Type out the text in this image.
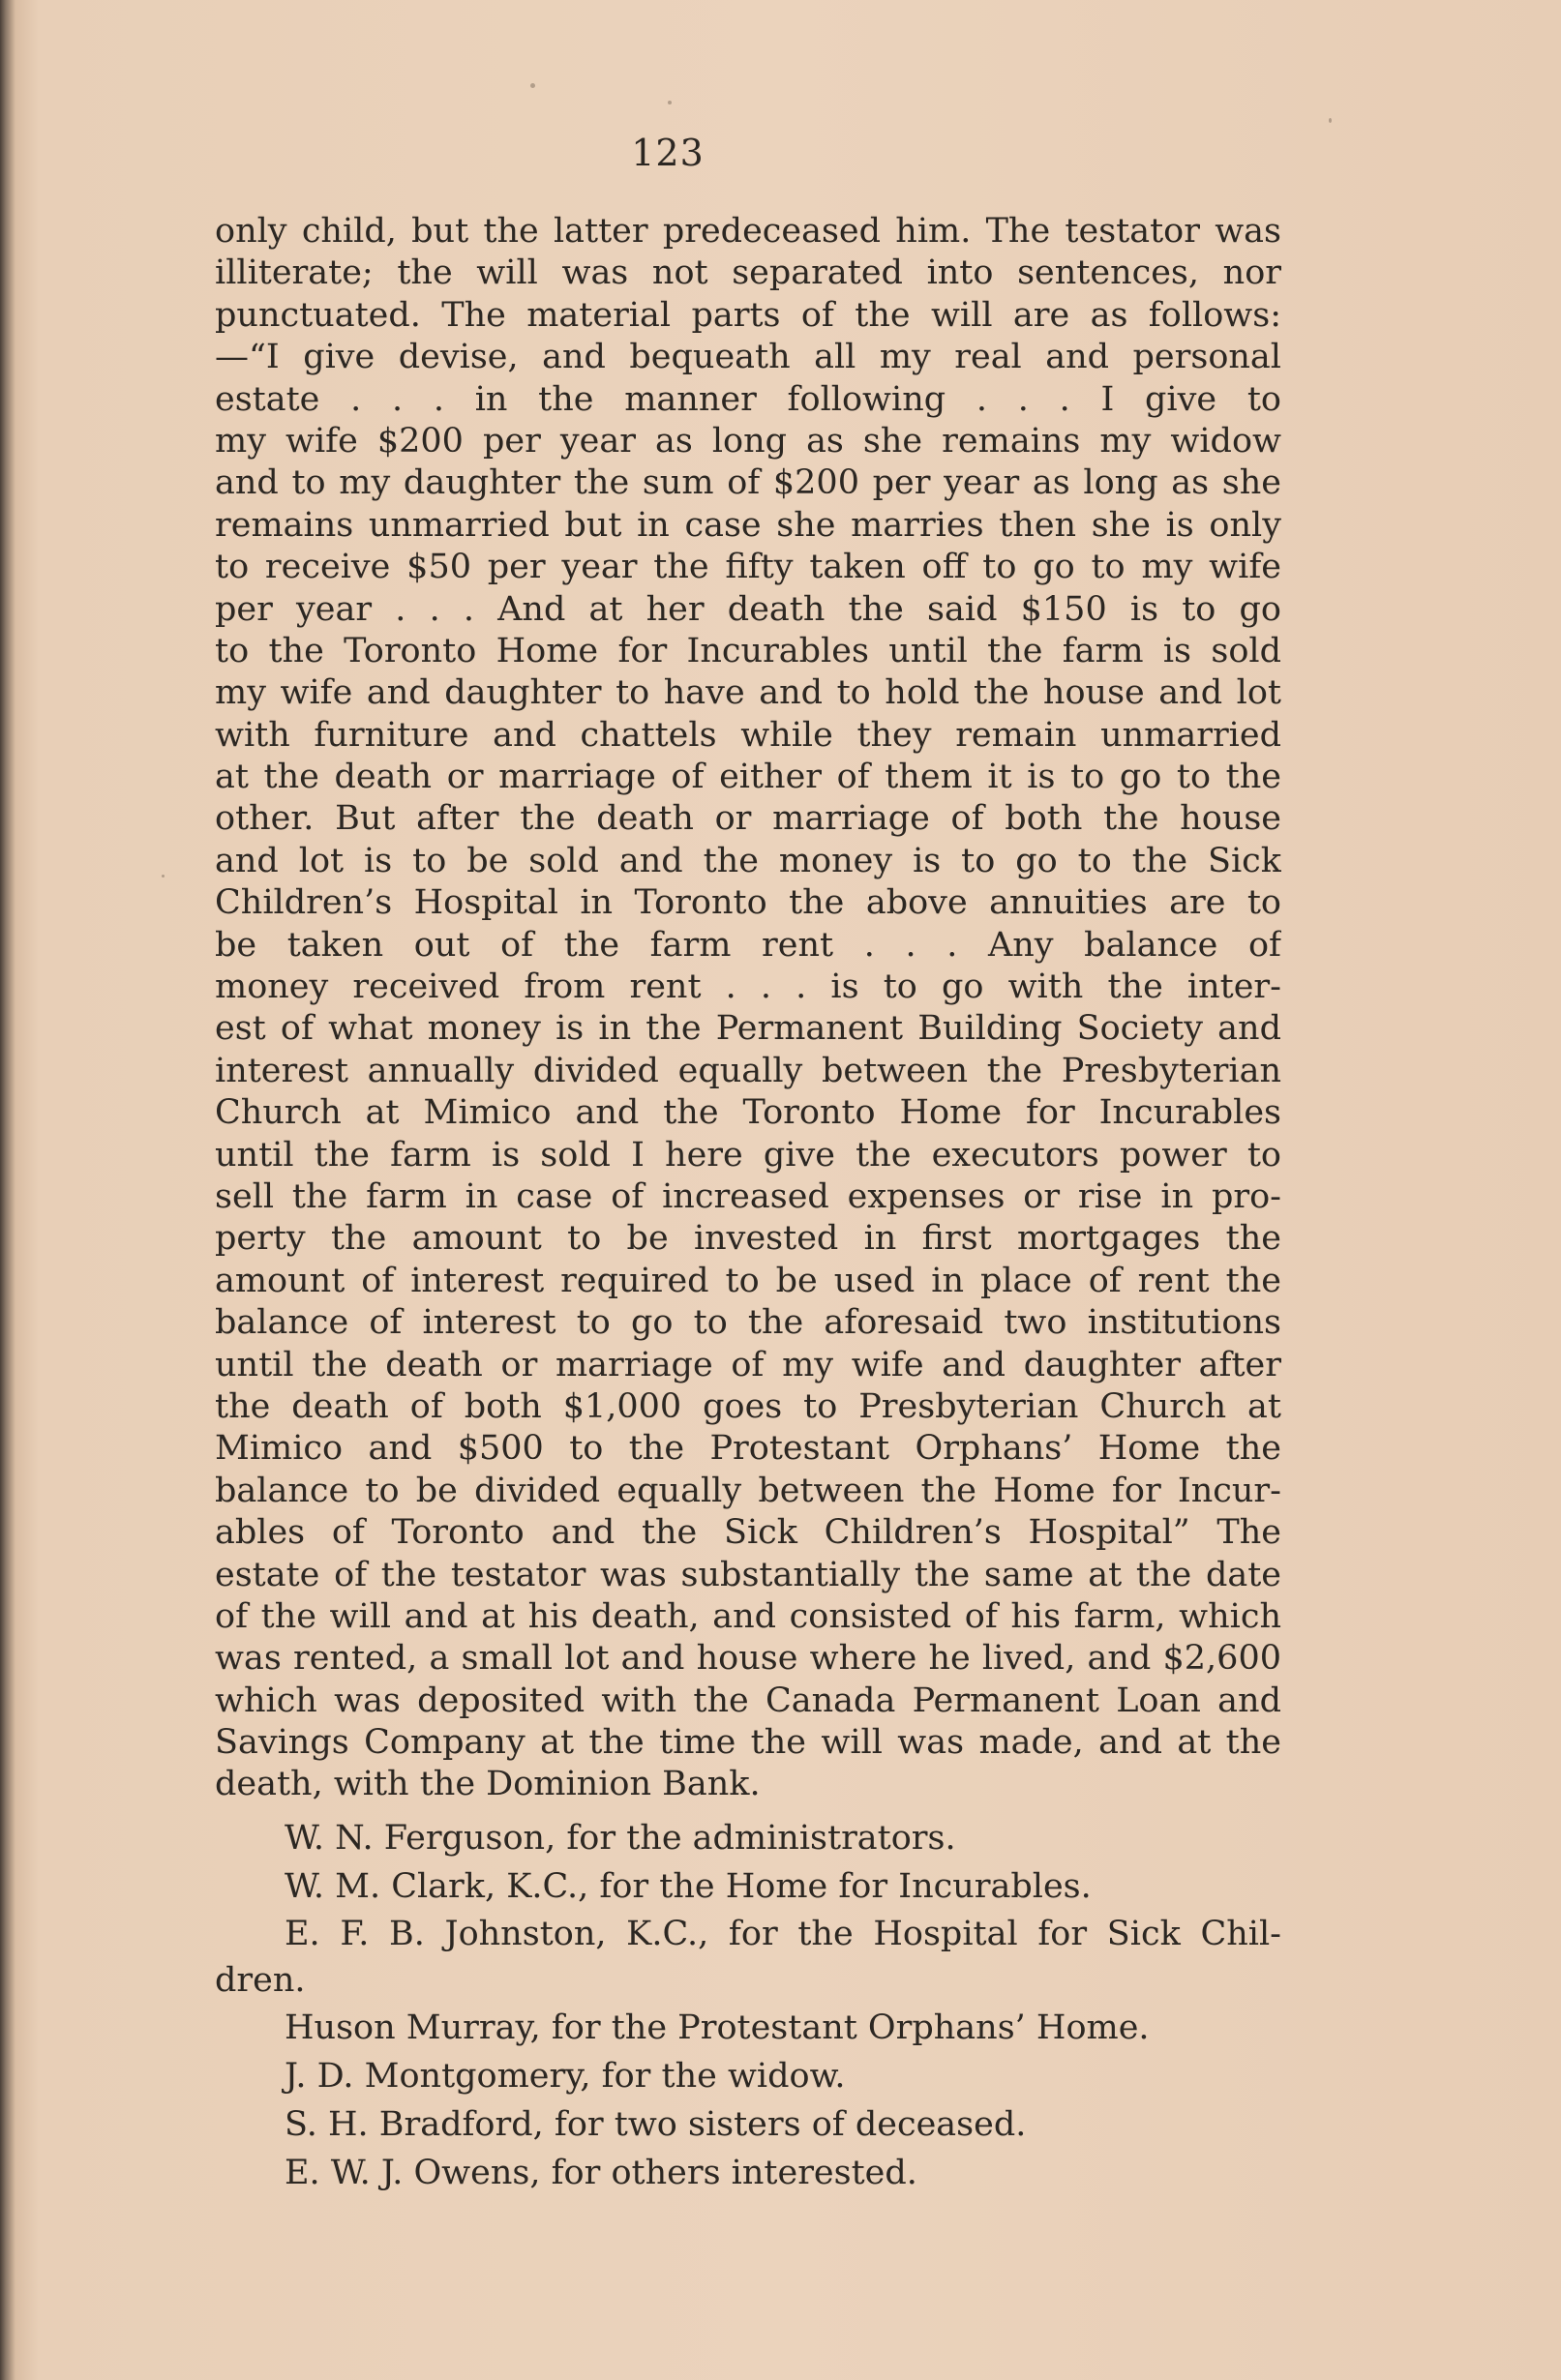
123
only child, but the latter predeceased him. The testator was
illiterate; the will was not separated into sentences, nor
punctuated. The material parts of the will are as follows:
—“I give devise, and bequeath all my real and personal
estate . . . in the manner following . . . I give to
my wife $200 per year as long as she remains my widow
and to my daughter the sum of $200 per year as long as she
remains unmarried but in case she marries then she is only
to receive $50 per year the fifty taken off to go to my wife
per year . . . And at her death the said $150 is to go
to the Toronto Home for Incurables until the farm is sold
my wife and daughter to have and to hold the house and lot
with furniture and chattels while they remain unmarried
at the death or marriage of either of them it is to go to the
other. But after the death or marriage of both the house
and lot is to be sold and the money is to go to the Sick
Children’s Hospital in Toronto the above annuities are to
be taken out of the farm rent . . . Any balance of
money received from rent . . . is to go with the inter-
est of what money is in the Permanent Building Society and
interest annually divided equally between the Presbyterian
Church at Mimico and the Toronto Home for Incurables
until the farm is sold I here give the executors power to
sell the farm in case of increased expenses or rise in pro-
perty the amount to be invested in first mortgages the
amount of interest required to be used in place of rent the
balance of interest to go to the aforesaid two institutions
until the death or marriage of my wife and daughter after
the death of both $1,000 goes to Presbyterian Church at
Mimico and $500 to the Protestant Orphans’ Home the
balance to be divided equally between the Home for Incur-
ables of Toronto and the Sick Children’s Hospital” The
estate of the testator was substantially the same at the date
of the will and at his death, and consisted of his farm, which
was rented, a small lot and house where he lived, and $2,600
which was deposited with the Canada Permanent Loan and
Savings Company at the time the will was made, and at the
death, with the Dominion Bank.

W. N. Ferguson, for the administrators.

W. M. Clark, K.C., for the Home for Incurables.

E. F. B. Johnston, K.C., for the Hospital for Sick Chil- dren.

Huson Murray, for the Protestant Orphans’ Home.

J. D. Montgomery, for the widow.

S. H. Bradford, for two sisters of deceased.

E. W. J. Owens, for others interested.
